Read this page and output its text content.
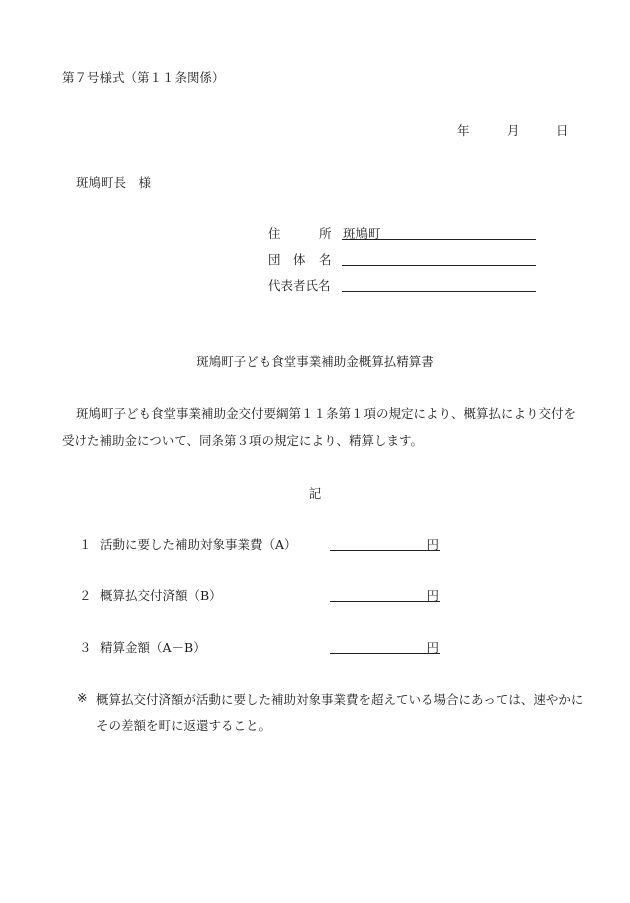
第７号様式（第１１条関係）
年	月	日
斑鳩町長　様
住	所 斑鳩町
団 体 名
代表者氏名
斑鳩町子ども食堂事業補助金概算払精算書
斑鳩町子ども食堂事業補助金交付要綱第１１条第１項の規定により、概算払により交付を
受けた補助金について、同条第３項の規定により、精算します。
記
１ 活動に要した補助対象事業費（A）	円
２ 概算払交付済額（B）	円
３ 精算金額（A－B）	円
※ 概算払交付済額が活動に要した補助対象事業費を超えている場合にあっては、速やかに
その差額を町に返還すること。
